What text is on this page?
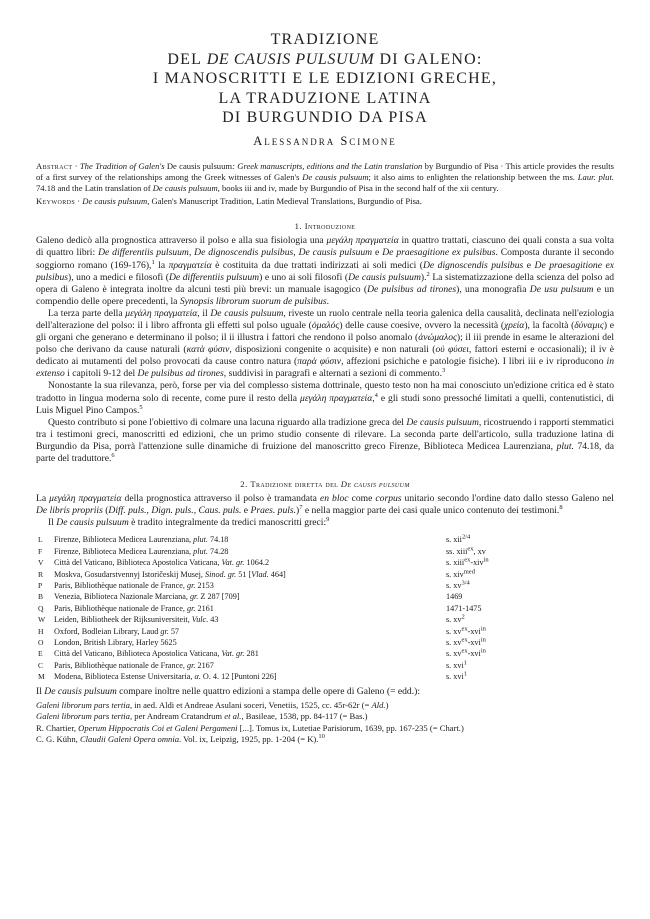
TRADIZIONE
DEL DE CAUSIS PULSUUM DI GALENO:
I MANOSCRITTI E LE EDIZIONI GRECHE,
LA TRADUZIONE LATINA
DI BURGUNDIO DA PISA
Alessandra Scimone
Abstract · The Tradition of Galen's De causis pulsuum: Greek manuscripts, editions and the Latin translation by Burgundio of Pisa · This article provides the results of a first survey of the relationships among the Greek witnesses of Galen's De causis pulsuum; it also aims to enlighten the relationship between the ms. Laur. plut. 74.18 and the Latin translation of De causis pulsuum, books iii and iv, made by Burgundio of Pisa in the second half of the xii century.
Keywords · De causis pulsuum, Galen's Manuscript Tradition, Latin Medieval Translations, Burgundio of Pisa.
1. Introduzione

Galeno dedicò alla prognostica attraverso il polso e alla sua fisiologia una μεγάλη πραγματεία in quattro trattati, ciascuno dei quali consta a sua volta di quattro libri: De differentiis pulsuum, De dignoscendis pulsibus, De causis pulsuum e De praesagitione ex pulsibus. Composta durante il secondo soggiorno romano (169-176),$^1$ la πραγματεία è costituita da due trattati indirizzati ai soli medici (De dignoscendis pulsibus e De praesagitione ex pulsibus), uno a medici e filosofi (De differentiis pulsuum) e uno ai soli filosofi (De causis pulsuum).$^2$ La sistematizzazione della scienza del polso ad opera di Galeno è integrata inoltre da alcuni testi più brevi: un manuale isagogico (De pulsibus ad tirones), una monografia De usu pulsuum e un compendio delle opere precedenti, la Synopsis librorum suorum de pulsibus.

La terza parte della μεγάλη πραγματεία, il De causis pulsuum, riveste un ruolo centrale nella teoria galenica della causalità, declinata nell'eziologia dell'alterazione del polso: il i libro affronta gli effetti sul polso uguale (ὁμαλός) delle cause coesive, ovvero la necessità (χρεία), la facoltà (δύναμις) e gli organi che generano e determinano il polso; il ii illustra i fattori che rendono il polso anomalo (ἀνώμαλος); il iii prende in esame le alterazioni del polso che derivano da cause naturali (κατὰ φύσιν, disposizioni congenite o acquisite) e non naturali (οὐ φύσει, fattori esterni e occasionali); il iv è dedicato ai mutamenti del polso provocati da cause contro natura (παρὰ φύσιν, affezioni psichiche e patologie fisiche). I libri iii e iv riproducono in extenso i capitoli 9-12 del De pulsibus ad tirones, suddivisi in paragrafi e alternati a sezioni di commento.$^3$

Nonostante la sua rilevanza, però, forse per via del complesso sistema dottrinale, questo testo non ha mai conosciuto un'edizione critica ed è stato tradotto in lingua moderna solo di recente, come pure il resto della μεγάλη πραγματεία,$^4$ e gli studi sono pressoché limitati a quelli, contenutistici, di Luis Miguel Pino Campos.$^5$

Questo contributo si pone l'obiettivo di colmare una lacuna riguardo alla tradizione greca del De causis pulsuum, ricostruendo i rapporti stemmatici tra i testimoni greci, manoscritti ed edizioni, che un primo studio consente di rilevare. La seconda parte dell'articolo, sulla traduzione latina di Burgundio da Pisa, porrà l'attenzione sulle dinamiche di fruizione del manoscritto greco Firenze, Biblioteca Medicea Laurenziana, plut. 74.18, da parte del traduttore.$^6$

2. Tradizione diretta del De causis pulsuum

La μεγάλη πραγματεία della prognostica attraverso il polso è tramandata en bloc come corpus unitario secondo l'ordine dato dallo stesso Galeno nel De libris propriis (Diff. puls., Dign. puls., Caus. puls. e Praes. puls.)$^7$ e nella maggior parte dei casi quale unico contenuto dei testimoni.$^8$

Il De causis pulsuum è tradito integralmente da tredici manoscritti greci:$^9$

L	Firenze, Biblioteca Medicea Laurenziana, plut. 74.18	s. xii$^{2/4}$
F	Firenze, Biblioteca Medicea Laurenziana, plut. 74.28	ss. xiii$^{ex}$, xv
V	Città del Vaticano, Biblioteca Apostolica Vaticana, Vat. gr. 1064.2	s. xiii$^{ex}$-xiv$^{in}$
R	Moskva, Gosudarstvennyj Istoričeskij Musej, Sinod. gr. 51 [Vlad. 464]	s. xiv$^{med}$
P	Paris, Bibliothèque nationale de France, gr. 2153	s. $xv^{3/4}$
B	Venezia, Biblioteca Nazionale Marciana, gr. Z 287 [709]	1469
Q	Paris, Bibliothèque nationale de France, gr. 2161	1471-1475
W	Leiden, Bibliotheek der Rijksuniversiteit, Vulc. 43	s. $xv^2$
H	Oxford, Bodleian Library, Laud gr. 57	s. $xv^{ex}-xvi^{in}$
O	London, British Library, Harley 5625	s. $xv^{ex}-xvi^{in}$
E	Città del Vaticano, Biblioteca Apostolica Vaticana, Vat. gr. 281	s. $xv^{ex}-xvi^{in}$
C	Paris, Bibliothèque nationale de France, gr. 2167	s. xvi$^1$
M	Modena, Biblioteca Estense Universitaria, α. O. 4. 12 [Puntoni 226]	s. xvi$^1$

Il De causis pulsuum compare inoltre nelle quattro edizioni a stampa delle opere di Galeno (= edd.):

Galeni librorum pars tertia, in aed. Aldi et Andreae Asulani soceri, Venetiis, 1525, cc. 45r-62r (= Ald.)
Galeni librorum pars tertia, per Andream Cratandrum et al., Basileae, 1538, pp. 84-117 (= Bas.)
R. Chartier, Operum Hippocratis Coi et Galeni Pergameni [...]. Tomus ix, Lutetiae Parisiorum, 1639, pp. 167-235 (= Chart.)
C. G. Kühn, Claudii Galeni Opera omnia. Vol. ix, Leipzig, 1925, pp. 1-204 (= K).$^{10}$
